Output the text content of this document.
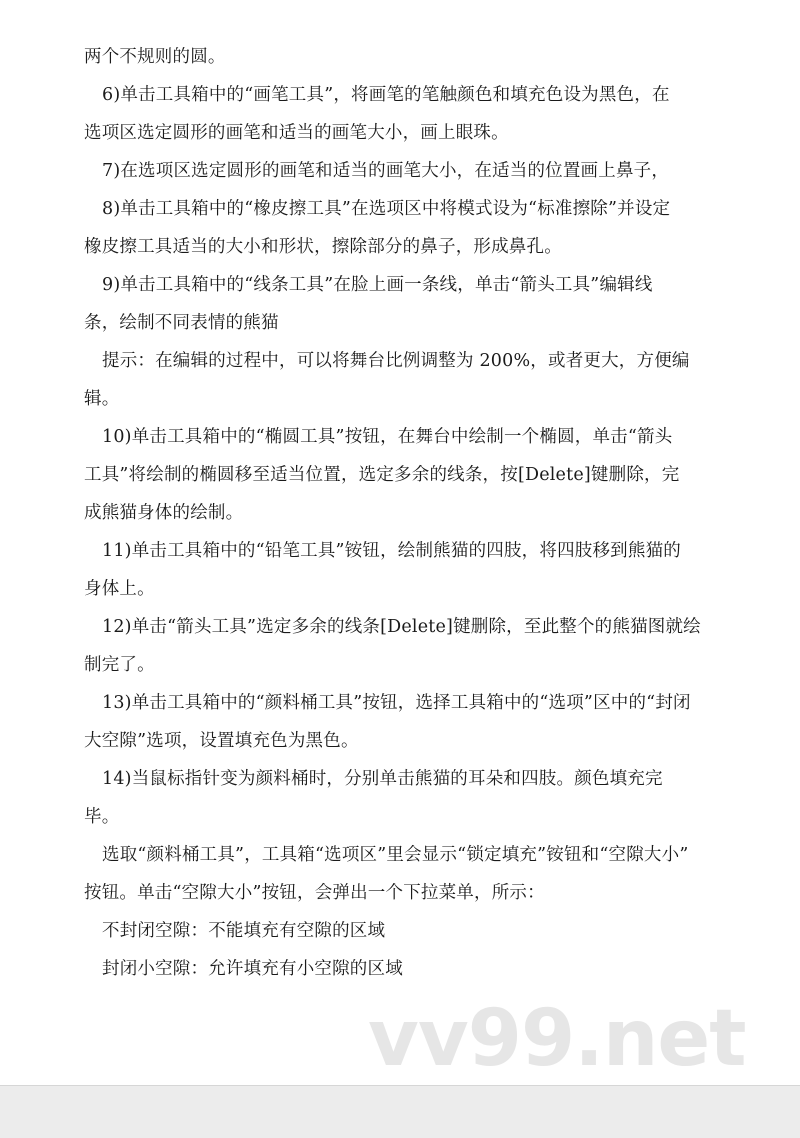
两个不规则的圆。

6)单击工具箱中的“画笔工具”，将画笔的笔触颜色和填充色设为黑色，在

选项区选定圆形的画笔和适当的画笔大小，画上眼珠。

7)在选项区选定圆形的画笔和适当的画笔大小，在适当的位置画上鼻子，

8)单击工具箱中的“橡皮擦工具”在选项区中将模式设为“标准擦除”并设定

橡皮擦工具适当的大小和形状，擦除部分的鼻子，形成鼻孔。

9)单击工具箱中的“线条工具”在脸上画一条线，单击“箭头工具”编辑线

条，绘制不同表情的熊猫

提示：在编辑的过程中，可以将舞台比例调整为 200%，或者更大，方便编

辑。

10)单击工具箱中的“椭圆工具”按钮，在舞台中绘制一个椭圆，单击“箭头

工具”将绘制的椭圆移至适当位置，选定多余的线条，按[Delete]键删除，完

成熊猫身体的绘制。

11)单击工具箱中的“铅笔工具”铵钮，绘制熊猫的四肢，将四肢移到熊猫的

身体上。

12)单击“箭头工具”选定多余的线条[Delete]键删除，至此整个的熊猫图就绘

制完了。

13)单击工具箱中的“颜料桶工具”按钮，选择工具箱中的“选项”区中的“封闭

大空隙”选项，设置填充色为黑色。

14)当鼠标指针变为颜料桶时，分别单击熊猫的耳朵和四肢。颜色填充完

毕。

选取“颜料桶工具”，工具箱“选项区”里会显示“锁定填充”铵钮和“空隙大小”

按钮。单击“空隙大小”按钮，会弹出一个下拉菜单，所示：

不封闭空隙：不能填充有空隙的区域

封闭小空隙：允许填充有小空隙的区域

vv99.net
